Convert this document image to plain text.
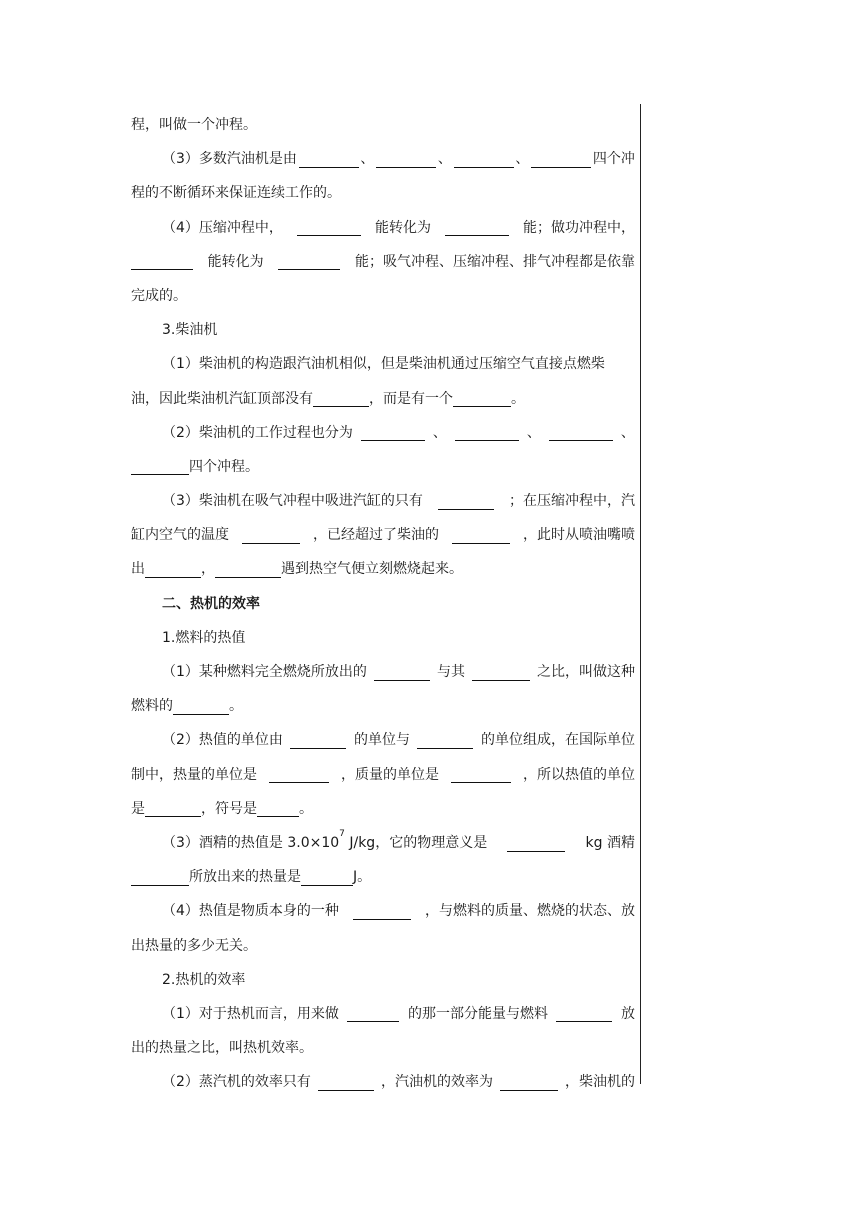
程，叫做一个冲程。
（3）多数汽油机是由	、	、	、	四个冲
程的不断循环来保证连续工作的。
（4）压缩冲程中，	能转化为	能；做功冲程中，
能转化为	能；吸气冲程、压缩冲程、排气冲程都是依靠
完成的。
3.柴油机
（1）柴油机的构造跟汽油机相似，但是柴油机通过压缩空气直接点燃柴
油，因此柴油机汽缸顶部没有	，而是有一个	。
（2）柴油机的工作过程也分为	、	、	、
四个冲程。
（3）柴油机在吸气冲程中吸进汽缸的只有	；在压缩冲程中，汽
缸内空气的温度	，已经超过了柴油的	，此时从喷油嘴喷
出	，	遇到热空气便立刻燃烧起来。
二、热机的效率
1.燃料的热值
（1）某种燃料完全燃烧所放出的	与其	之比，叫做这种
燃料的	。
（2）热值的单位由	的单位与	的单位组成，在国际单位
制中，热量的单位是	，质量的单位是	，所以热值的单位
是	，符号是	。
（3）酒精的热值是 $3.0\times 10^7$ J/kg，它的物理意义是	kg 酒精
所放出来的热量是	J。
（4）热值是物质本身的一种	，与燃料的质量、燃烧的状态、放
出热量的多少无关。
2.热机的效率
（1）对于热机而言，用来做	的那一部分能量与燃料	放
出的热量之比，叫热机效率。
（2）蒸汽机的效率只有	，汽油机的效率为	，柴油机的
